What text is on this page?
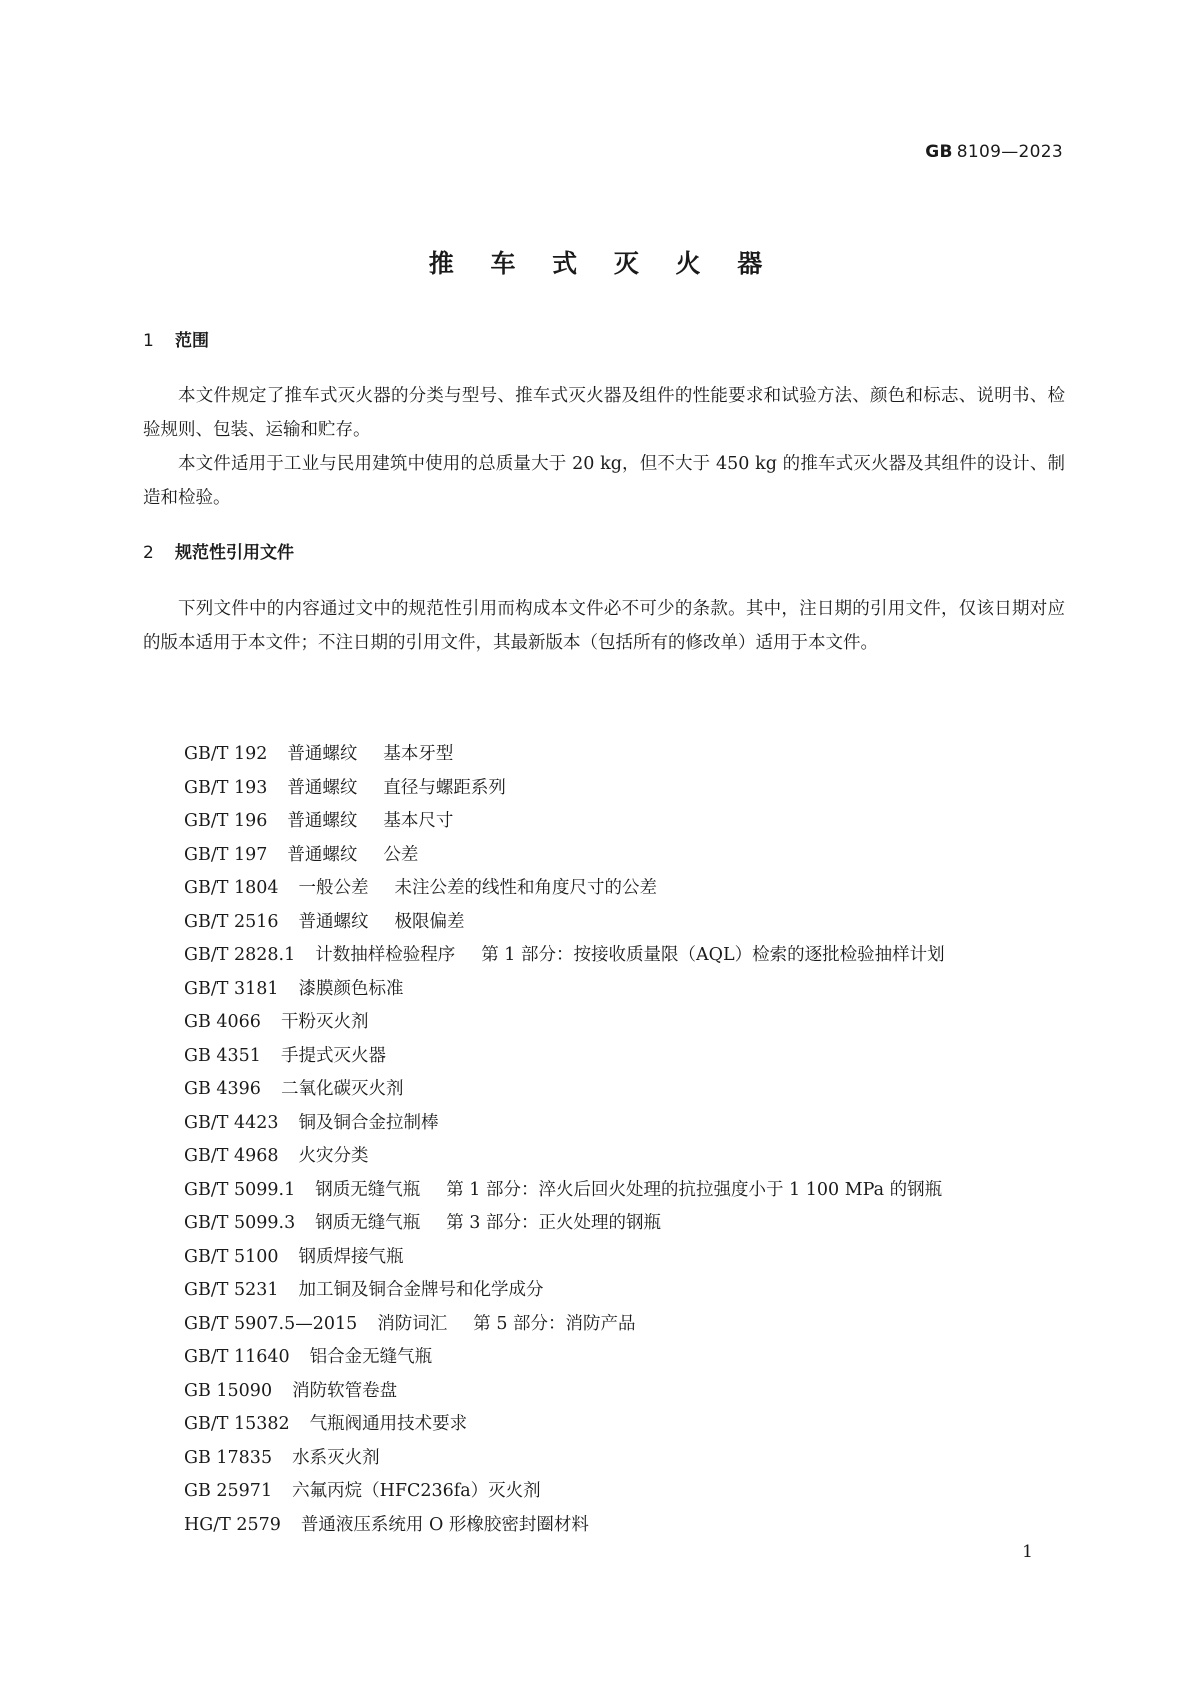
GB 8109—2023
推 车 式 灭 火 器
1 范围

本文件规定了推车式灭火器的分类与型号、推车式灭火器及组件的性能要求和试验方法、颜色和标志、说明书、检验规则、包装、运输和贮存。

本文件适用于工业与民用建筑中使用的总质量大于 20 kg，但不大于 450 kg 的推车式灭火器及其组件的设计、制造和检验。

2 规范性引用文件

下列文件中的内容通过文中的规范性引用而构成本文件必不可少的条款。其中，注日期的引用文件，仅该日期对应的版本适用于本文件；不注日期的引用文件，其最新版本（包括所有的修改单）适用于本文件。

GB/T 192 普通螺纹 基本牙型
GB/T 193 普通螺纹 直径与螺距系列
GB/T 196 普通螺纹 基本尺寸
GB/T 197 普通螺纹 公差
GB/T 1804 一般公差 未注公差的线性和角度尺寸的公差
GB/T 2516 普通螺纹 极限偏差
GB/T 2828.1 计数抽样检验程序 第 1 部分：按接收质量限（AQL）检索的逐批检验抽样计划
GB/T 3181 漆膜颜色标准
GB 4066 干粉灭火剂
GB 4351 手提式灭火器
GB 4396 二氧化碳灭火剂
GB/T 4423 铜及铜合金拉制棒
GB/T 4968 火灾分类
GB/T 5099.1 钢质无缝气瓶 第 1 部分：淬火后回火处理的抗拉强度小于 1 100 MPa 的钢瓶
GB/T 5099.3 钢质无缝气瓶 第 3 部分：正火处理的钢瓶
GB/T 5100 钢质焊接气瓶
GB/T 5231 加工铜及铜合金牌号和化学成分
GB/T 5907.5—2015 消防词汇 第 5 部分：消防产品
GB/T 11640 铝合金无缝气瓶
GB 15090 消防软管卷盘
GB/T 15382 气瓶阀通用技术要求
GB 17835 水系灭火剂
GB 25971 六氟丙烷（HFC236fa）灭火剂
HG/T 2579 普通液压系统用 O 形橡胶密封圈材料
1
